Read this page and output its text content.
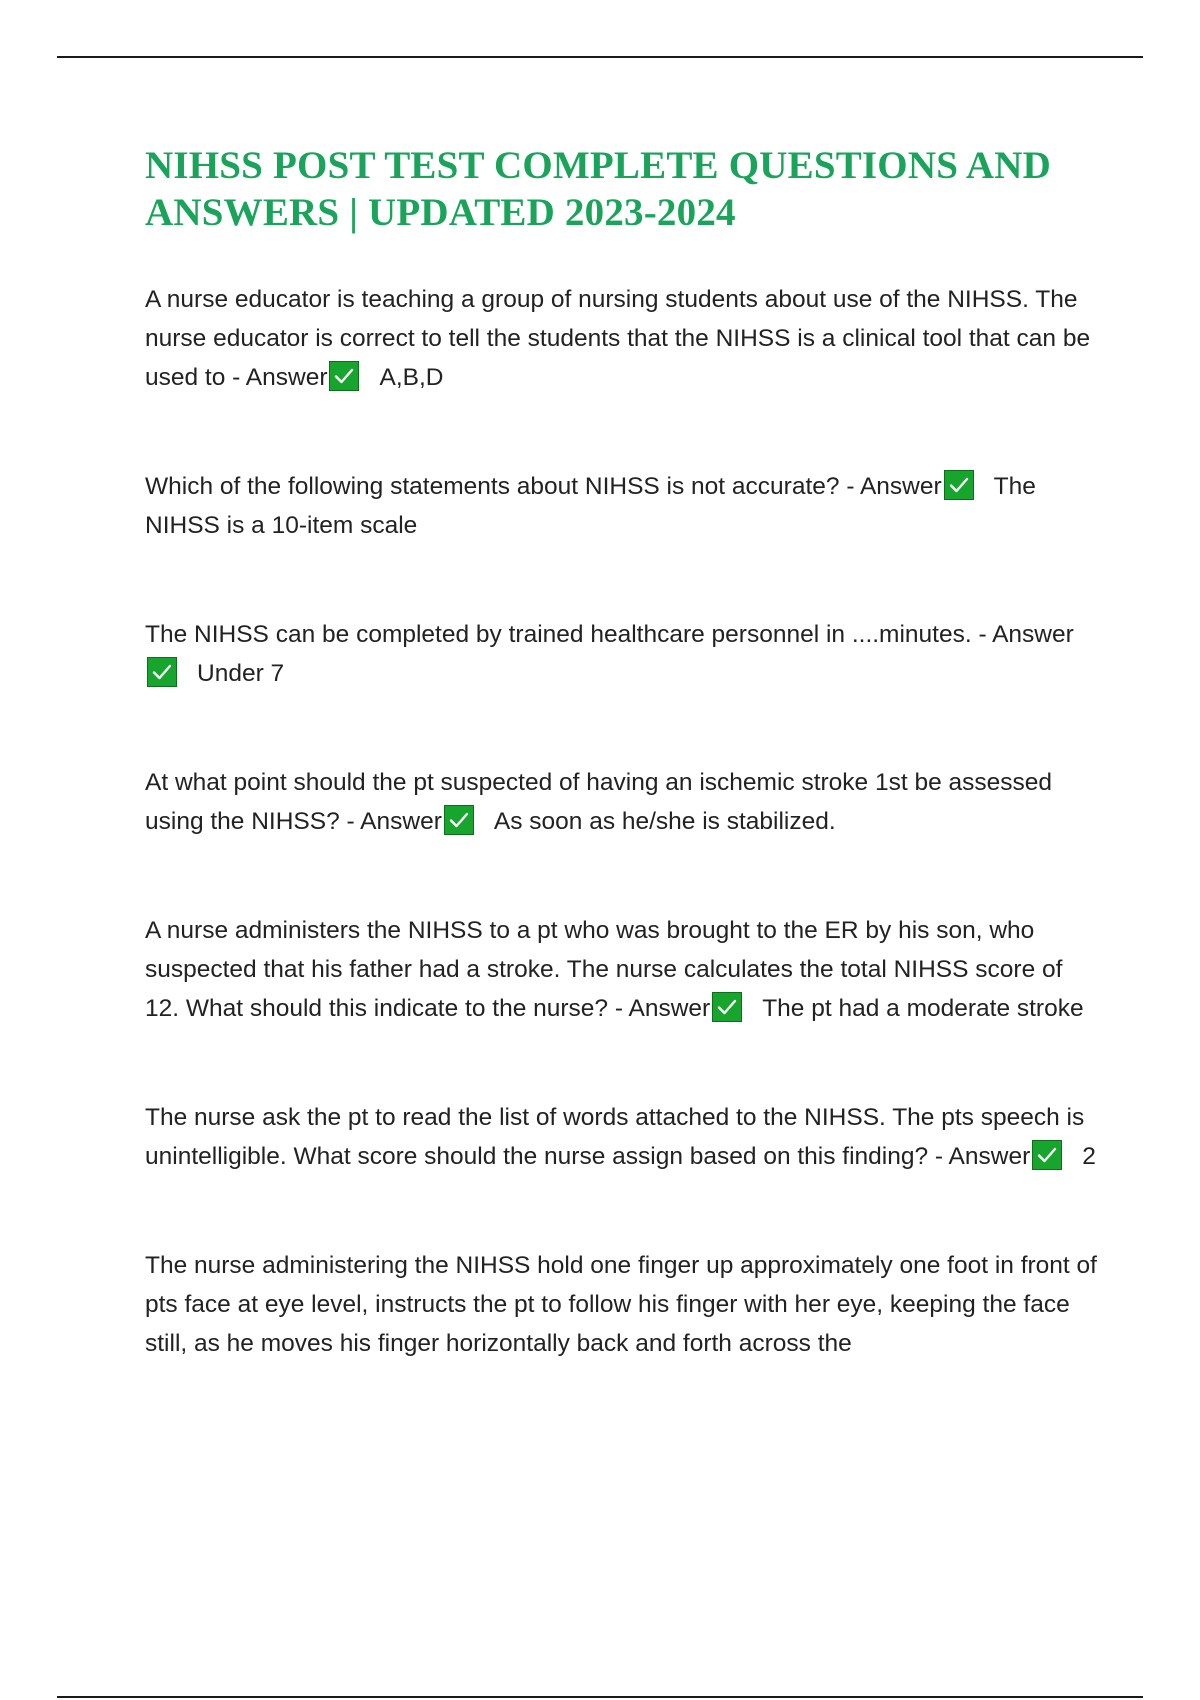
NIHSS POST TEST COMPLETE QUESTIONS AND ANSWERS | UPDATED 2023-2024

A nurse educator is teaching a group of nursing students about use of the NIHSS. The nurse educator is correct to tell the students that the NIHSS is a clinical tool that can be used to - Answer A,B,D

Which of the following statements about NIHSS is not accurate? - Answer The NIHSS is a 10-item scale

The NIHSS can be completed by trained healthcare personnel in ....minutes. - Answer
Under 7

At what point should the pt suspected of having an ischemic stroke 1st be assessed using the NIHSS? - Answer As soon as he/she is stabilized.

A nurse administers the NIHSS to a pt who was brought to the ER by his son, who suspected that his father had a stroke. The nurse calculates the total NIHSS score of 12. What should this indicate to the nurse? - Answer The pt had a moderate stroke

The nurse ask the pt to read the list of words attached to the NIHSS. The pts speech is unintelligible. What score should the nurse assign based on this finding? - Answer 2

The nurse administering the NIHSS hold one finger up approximately one foot in front of pts face at eye level, instructs the pt to follow his finger with her eye, keeping the face still, as he moves his finger horizontally back and forth across the
